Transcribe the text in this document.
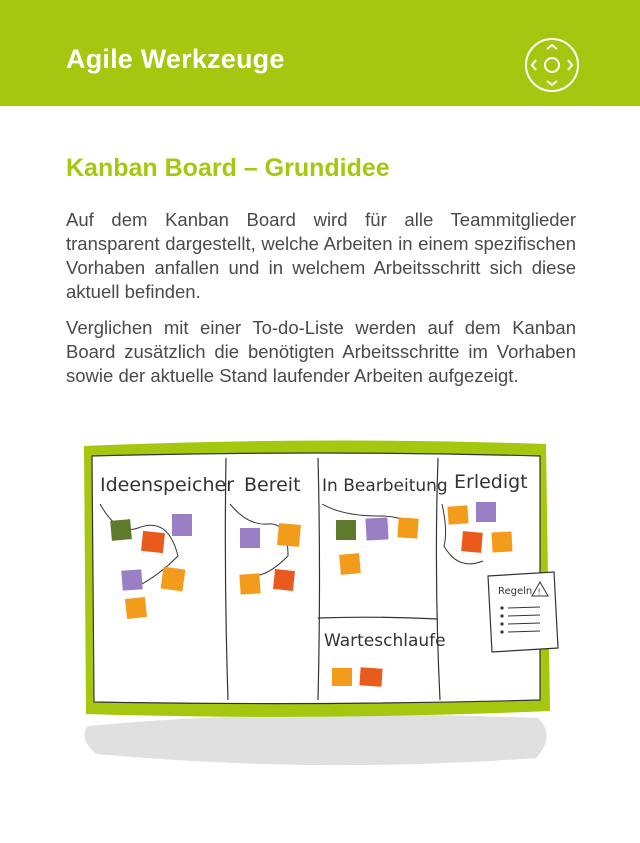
Agile Werkzeuge
Kanban Board – Grundidee

Auf dem Kanban Board wird für alle Teammitglieder transparent dargestellt, welche Arbeiten in einem spezifischen Vorhaben anfallen und in welchem Arbeitsschritt sich diese aktuell befinden.

Verglichen mit einer To-do-Liste werden auf dem Kanban Board zusätzlich die benötigten Arbeitsschritte im Vorhaben sowie der aktuelle Stand laufender Arbeiten aufgezeigt.

Ideenspeicher Bereit In Bearbeitung Erledigt
Warteschlaufe
Regeln !
